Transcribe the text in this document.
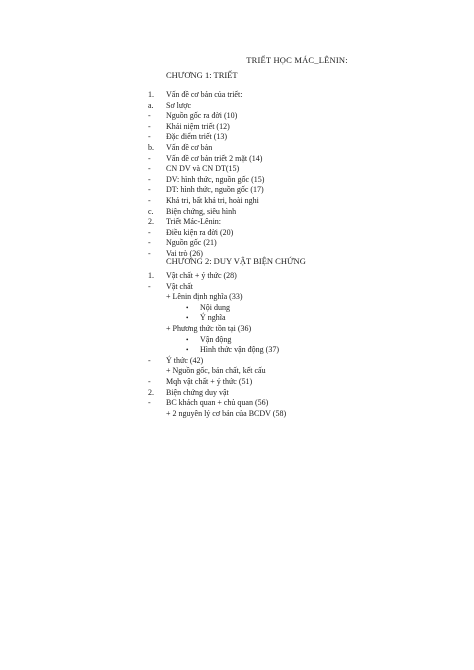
TRIẾT HỌC MÁC_LÊNIN:
CHƯƠNG 1: TRIẾT
1. Vấn đề cơ bản của triết:
a. Sơ lược
- Nguồn gốc ra đời (10)
- Khái niệm triết (12)
- Đặc điểm triết (13)
b. Vấn đề cơ bản
- Vấn đề cơ bản triết 2 mặt (14)
- CN DV và CN DT(15)
- DV: hình thức, nguồn gốc (15)
- DT: hình thức, nguồn gốc (17)
- Khả tri, bất khả tri, hoài nghi
c. Biện chứng, siêu hình
2. Triết Mác-Lênin:
- Điều kiện ra đời (20)
- Nguồn gốc (21)
- Vai trò (26)
CHƯƠNG 2: DUY VẬT BIỆN CHỨNG
1. Vật chất + ý thức (28)
- Vật chất
+ Lênin định nghĩa (33)
• Nội dung
• Ý nghĩa
+ Phương thức tồn tại (36)
• Vận động
• Hình thức vận động (37)
- Ý thức (42)
+ Nguồn gốc, bản chất, kết cấu
- Mqh vật chất + ý thức (51)
2. Biện chứng duy vật
- BC khách quan + chủ quan (56)
+ 2 nguyên lý cơ bản của BCDV (58)
